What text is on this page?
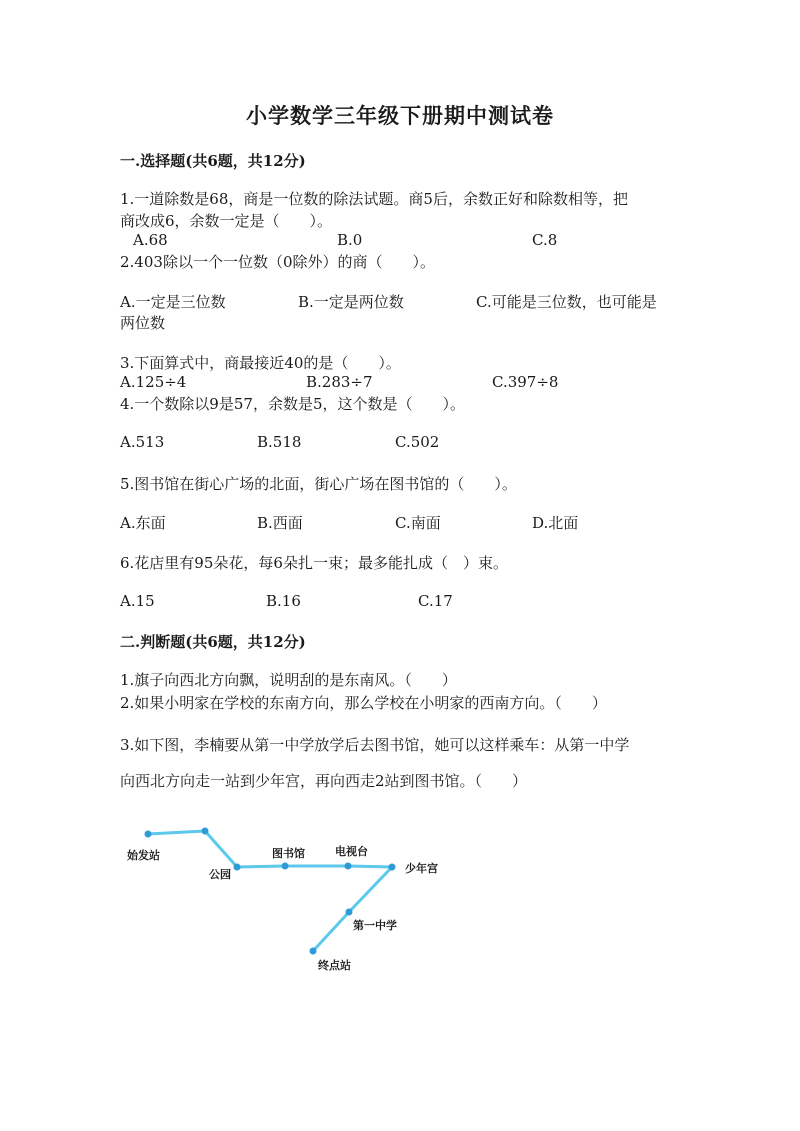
小学数学三年级下册期中测试卷
一.选择题(共6题，共12分)
1.一道除数是68，商是一位数的除法试题。商5后，余数正好和除数相等，把
商改成6，余数一定是（　　）。
A.68	B.0	C.8
2.403除以一个一位数（0除外）的商（　　）。
A.一定是三位数	B.一定是两位数	C.可能是三位数，也可能是
两位数
3.下面算式中，商最接近40的是（　　）。
A.125÷4	B.283÷7	C.397÷8
4.一个数除以9是57，余数是5，这个数是（　　）。
A.513	B.518	C.502
5.图书馆在街心广场的北面，街心广场在图书馆的（　　）。
A.东面	B.西面	C.南面	D.北面
6.花店里有95朵花，每6朵扎一束；最多能扎成（　）束。
A.15	B.16	C.17
二.判断题(共6题，共12分)
1.旗子向西北方向飘，说明刮的是东南风。（　　）
2.如果小明家在学校的东南方向，那么学校在小明家的西南方向。（　　）
3.如下图，李楠要从第一中学放学后去图书馆，她可以这样乘车：从第一中学
向西北方向走一站到少年宫，再向西走2站到图书馆。（　　）
始发站
公园
图书馆	电视台
少年宫
第一中学
终点站
